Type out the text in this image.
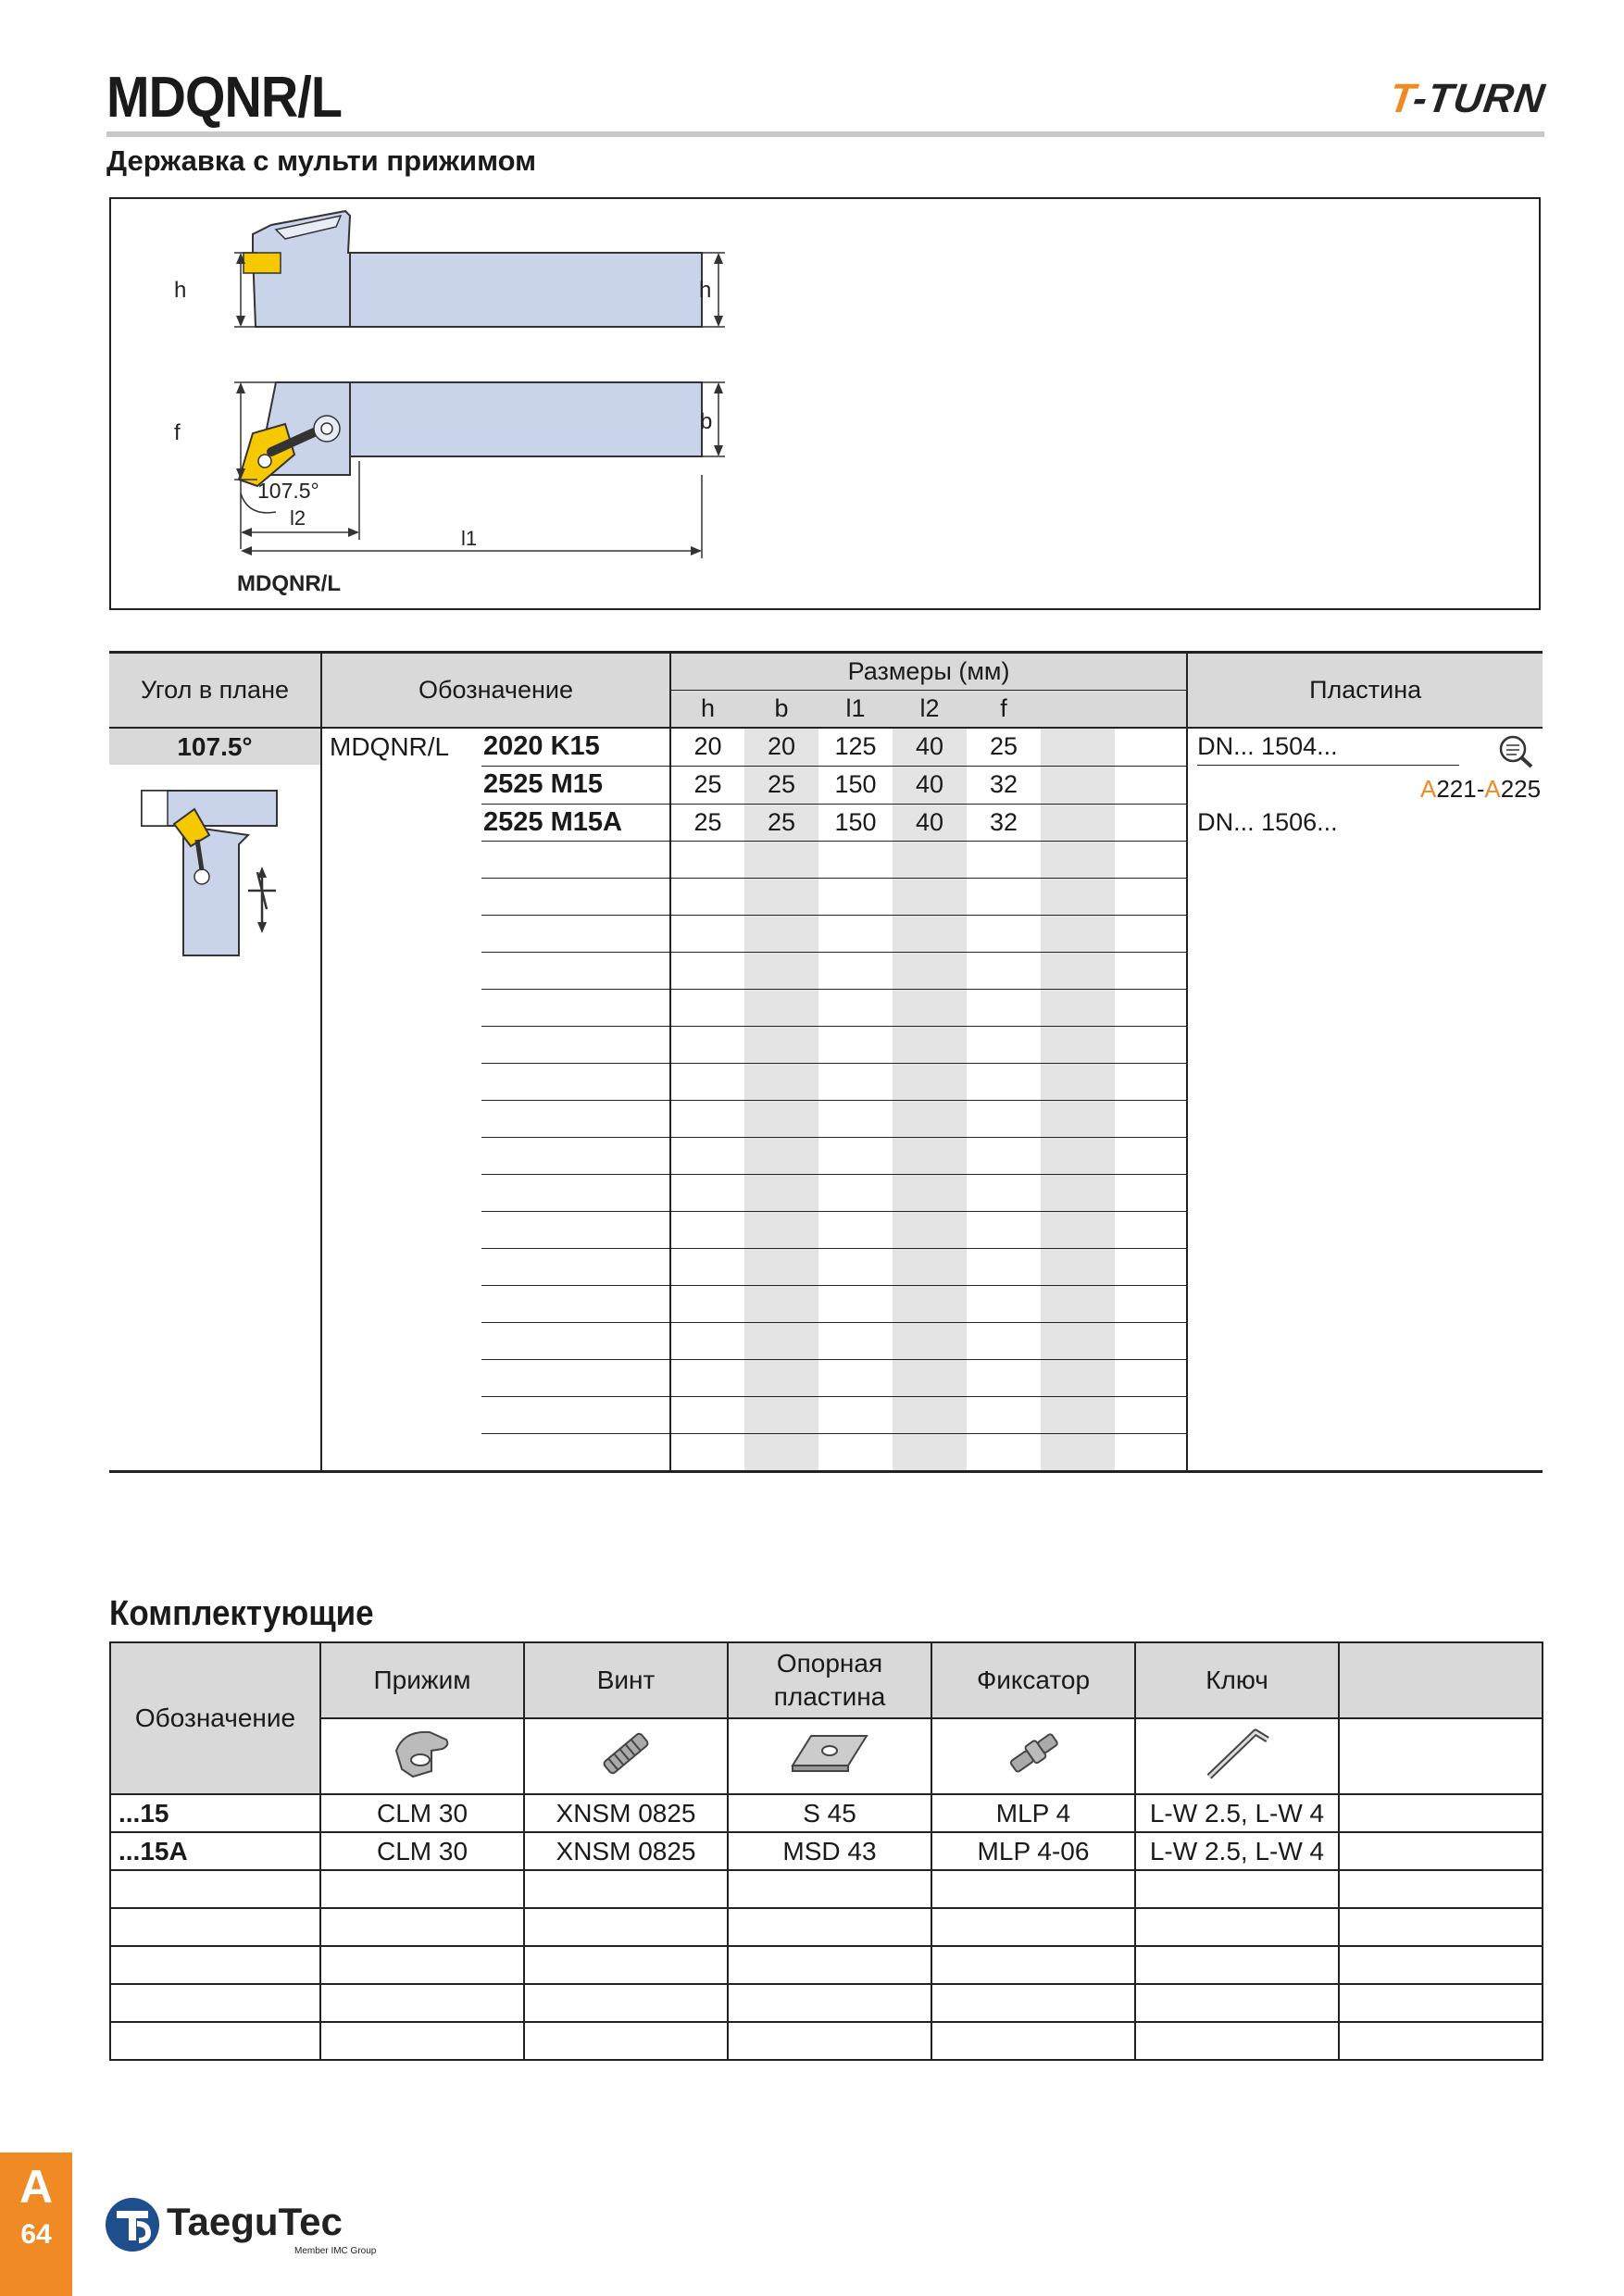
MDQNR/L	T-TURN
Державка с мульти прижимом
h	h
f	b
107.5°
l2
l1
MDQNR/L
Угол в плане	Обозначение		Размеры (мм)							Пластина
			h	b	l1	l2	f			

107.5°	MDQNR/L	2020 K15	20	20	125	40	25			DN... 1504...

		2525 M15	25	25	150	40	32			A221-A225

		2525 M15A	25	25	150	40	32			DN... 1506...

Комплектующие
Обозначение	Прижим	Винт	Опорная пластина	Фиксатор	Ключ	

...15	CLM 30	XNSM 0825	S 45	MLP 4	L-W 2.5, L-W 4	
...15A	CLM 30	XNSM 0825	MSD 43	MLP 4-06	L-W 2.5, L-W 4	

A
64	TaeguTec
Member IMC Group
